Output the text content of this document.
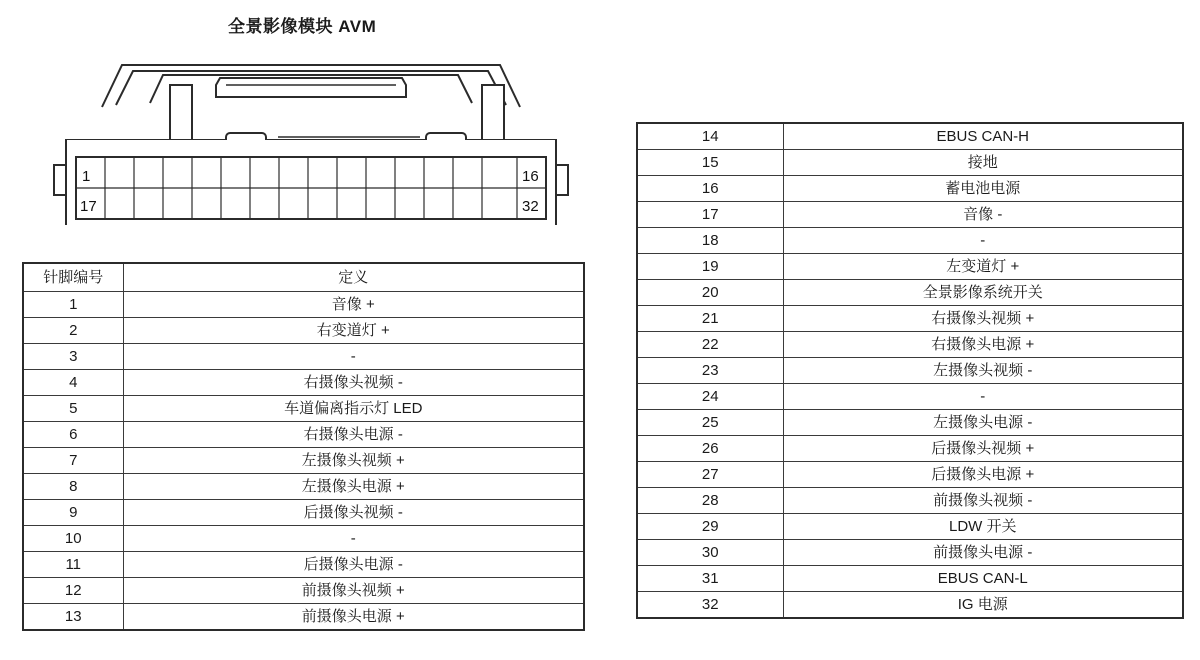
全景影像模块 AVM
1	16
17	32
针脚编号	定义
1	音像 +
2	右变道灯 +
3	-
4	右摄像头视频 -
5	车道偏离指示灯 LED
6	右摄像头电源 -
7	左摄像头视频 +
8	左摄像头电源 +
9	后摄像头视频 -
10	-
11	后摄像头电源 -
12	前摄像头视频 +
13	前摄像头电源 +
14	EBUS CAN-H
15	接地
16	蓄电池电源
17	音像 -
18	-
19	左变道灯 +
20	全景影像系统开关
21	右摄像头视频 +
22	右摄像头电源 +
23	左摄像头视频 -
24	-
25	左摄像头电源 -
26	后摄像头视频 +
27	后摄像头电源 +
28	前摄像头视频 -
29	LDW 开关
30	前摄像头电源 -
31	EBUS CAN-L
32	IG 电源
